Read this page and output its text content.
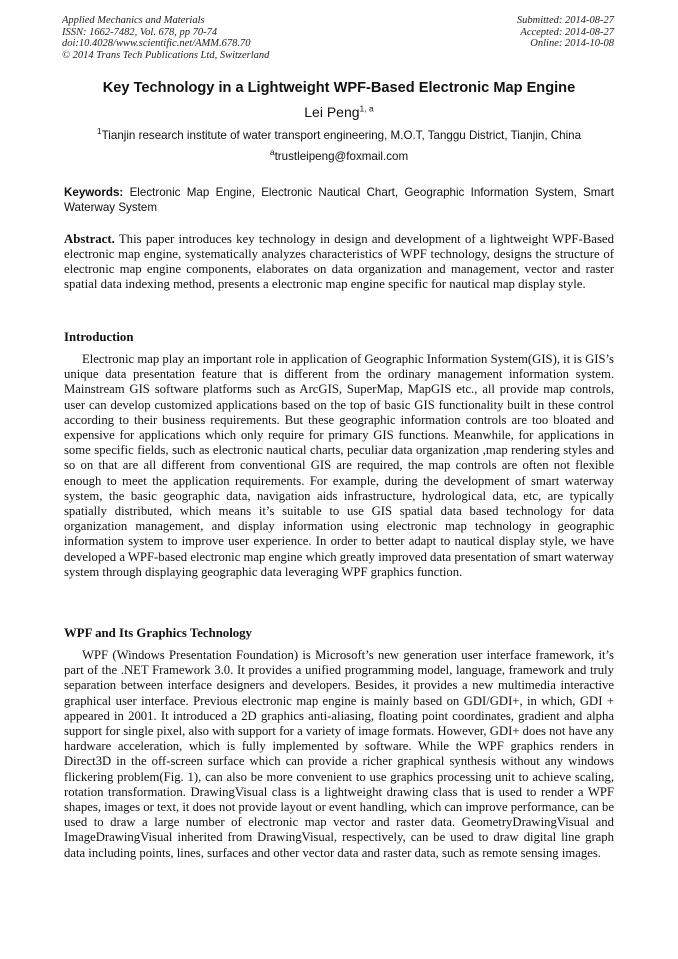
Applied Mechanics and Materials
ISSN: 1662-7482, Vol. 678, pp 70-74
doi:10.4028/www.scientific.net/AMM.678.70
© 2014 Trans Tech Publications Ltd, Switzerland
Submitted: 2014-08-27
Accepted: 2014-08-27
Online: 2014-10-08
Key Technology in a Lightweight WPF-Based Electronic Map Engine
Lei Peng$^{1, a}$
$^1$Tianjin research institute of water transport engineering, M.O.T, Tanggu District, Tianjin, China
$^a$trustleipeng@foxmail.com
Keywords: Electronic Map Engine, Electronic Nautical Chart, Geographic Information System, Smart Waterway System
Abstract. This paper introduces key technology in design and development of a lightweight WPF-Based electronic map engine, systematically analyzes characteristics of WPF technology, designs the structure of electronic map engine components, elaborates on data organization and management, vector and raster spatial data indexing method, presents a electronic map engine specific for nautical map display style.
Introduction

Electronic map play an important role in application of Geographic Information System(GIS), it is GIS’s unique data presentation feature that is different from the ordinary management information system. Mainstream GIS software platforms such as ArcGIS, SuperMap, MapGIS etc., all provide map controls, user can develop customized applications based on the top of basic GIS functionality built in these control according to their business requirements. But these geographic information controls are too bloated and expensive for applications which only require for primary GIS functions. Meanwhile, for applications in some specific fields, such as electronic nautical charts, peculiar data organization ,map rendering styles and so on that are all different from conventional GIS are required, the map controls are often not flexible enough to meet the application requirements. For example, during the development of smart waterway system, the basic geographic data, navigation aids infrastructure, hydrological data, etc, are typically spatially distributed, which means it’s suitable to use GIS spatial data based technology for data organization management, and display information using electronic map technology in geographic information system to improve user experience. In order to better adapt to nautical display style, we have developed a WPF-based electronic map engine which greatly improved data presentation of smart waterway system through displaying geographic data leveraging WPF graphics function.

WPF and Its Graphics Technology

WPF (Windows Presentation Foundation) is Microsoft’s new generation user interface framework, it’s part of the .NET Framework 3.0. It provides a unified programming model, language, framework and truly separation between interface designers and developers. Besides, it provides a new multimedia interactive graphical user interface. Previous electronic map engine is mainly based on GDI/GDI+, in which, GDI + appeared in 2001. It introduced a 2D graphics anti-aliasing, floating point coordinates, gradient and alpha support for single pixel, also with support for a variety of image formats. However, GDI+ does not have any hardware acceleration, which is fully implemented by software. While the WPF graphics renders in Direct3D in the off-screen surface which can provide a richer graphical synthesis without any windows flickering problem(Fig. 1), can also be more convenient to use graphics processing unit to achieve scaling, rotation transformation. DrawingVisual class is a lightweight drawing class that is used to render a WPF shapes, images or text, it does not provide layout or event handling, which can improve performance, can be used to draw a large number of electronic map vector and raster data. GeometryDrawingVisual and ImageDrawingVisual inherited from DrawingVisual, respectively, can be used to draw digital line graph data including points, lines, surfaces and other vector data and raster data, such as remote sensing images.
